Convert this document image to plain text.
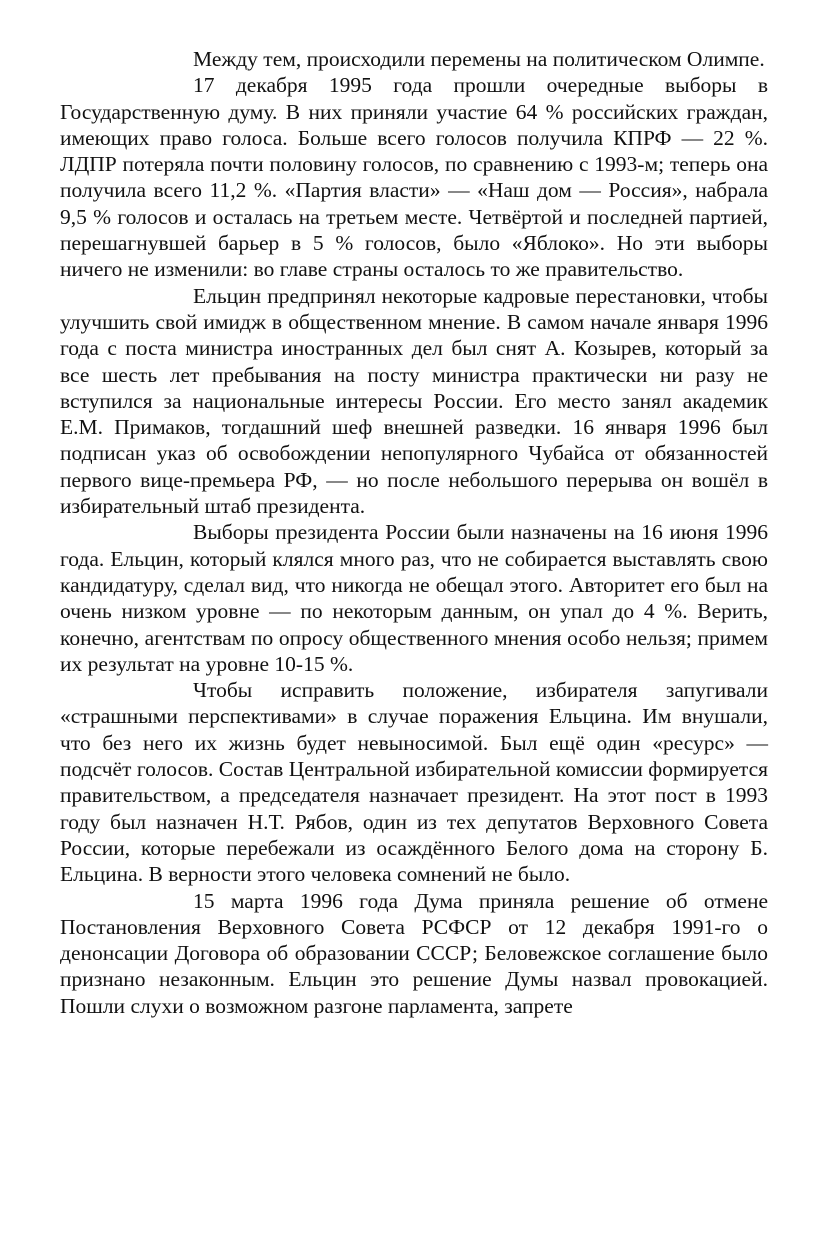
Между тем, происходили перемены на политическом Олимпе.

17 декабря 1995 года прошли очередные выборы в Государственную думу. В них приняли участие 64 % российских граждан, имеющих право голоса. Больше всего голосов получила КПРФ — 22 %. ЛДПР потеряла почти половину голосов, по сравнению с 1993-м; теперь она получила всего 11,2 %. «Партия власти» — «Наш дом — Россия», набрала 9,5 % голосов и осталась на третьем месте. Четвёртой и последней партией, перешагнувшей барьер в 5 % голосов, было «Яблоко». Но эти выборы ничего не изменили: во главе страны осталось то же правительство.

Ельцин предпринял некоторые кадровые перестановки, чтобы улучшить свой имидж в общественном мнение. В самом начале января 1996 года с поста министра иностранных дел был снят А. Козырев, который за все шесть лет пребывания на посту министра практически ни разу не вступился за национальные интересы России. Его место занял академик Е.М. Примаков, тогдашний шеф внешней разведки. 16 января 1996 был подписан указ об освобождении непопулярного Чубайса от обязанностей первого вице-премьера РФ, — но после небольшого перерыва он вошёл в избирательный штаб президента.

Выборы президента России были назначены на 16 июня 1996 года. Ельцин, который клялся много раз, что не собирается выставлять свою кандидатуру, сделал вид, что никогда не обещал этого. Авторитет его был на очень низком уровне — по некоторым данным, он упал до 4 %. Верить, конечно, агентствам по опросу общественного мнения особо нельзя; примем их результат на уровне 10-15 %.

Чтобы исправить положение, избирателя запугивали «страшными перспективами» в случае поражения Ельцина. Им внушали, что без него их жизнь будет невыносимой. Был ещё один «ресурс» — подсчёт голосов. Состав Центральной избирательной комиссии формируется правительством, а председателя назначает президент. На этот пост в 1993 году был назначен Н.Т. Рябов, один из тех депутатов Верховного Совета России, которые перебежали из осаждённого Белого дома на сторону Б. Ельцина. В верности этого человека сомнений не было.

15 марта 1996 года Дума приняла решение об отмене Постановления Верховного Совета РСФСР от 12 декабря 1991-го о денонсации Договора об образовании СССР; Беловежское соглашение было признано незаконным. Ельцин это решение Думы назвал провокацией. Пошли слухи о возможном разгоне парламента, запрете
